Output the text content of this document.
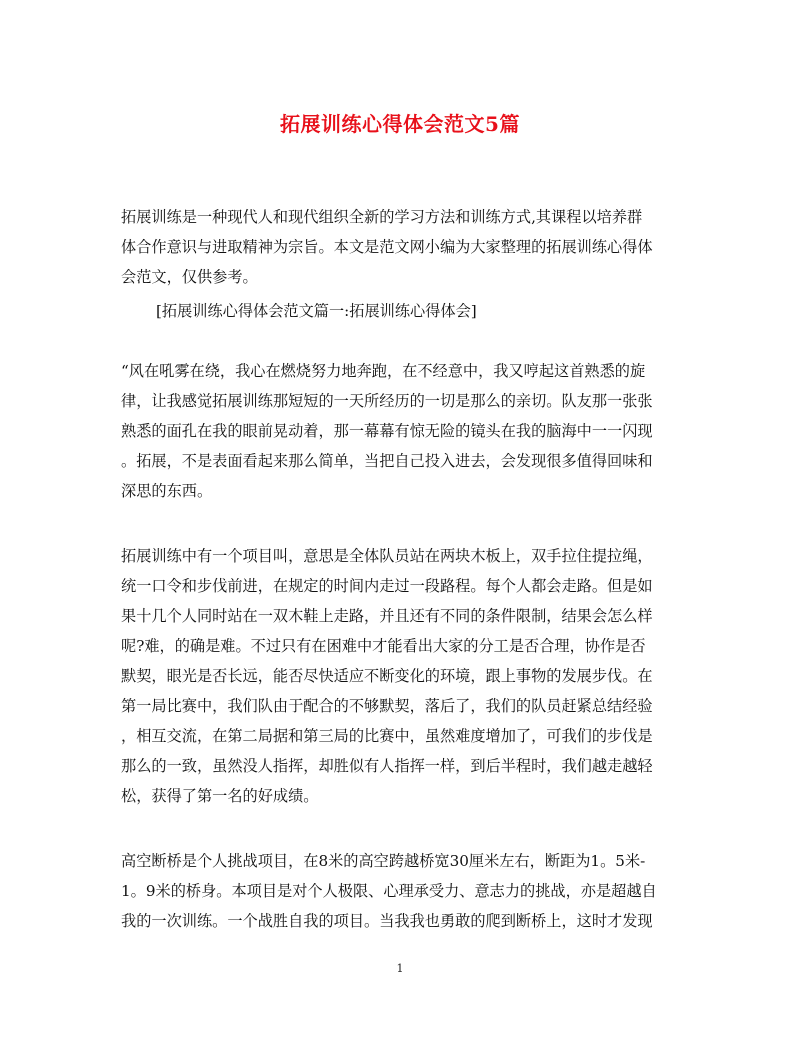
拓展训练心得体会范文5篇
拓展训练是一种现代人和现代组织全新的学习方法和训练方式,其课程以培养群
体合作意识与进取精神为宗旨。本文是范文网小编为大家整理的拓展训练心得体
会范文，仅供参考。
[拓展训练心得体会范文篇一:拓展训练心得体会]
“风在吼雾在绕，我心在燃烧努力地奔跑，在不经意中，我又哼起这首熟悉的旋
律，让我感觉拓展训练那短短的一天所经历的一切是那么的亲切。队友那一张张
熟悉的面孔在我的眼前晃动着，那一幕幕有惊无险的镜头在我的脑海中一一闪现
。拓展，不是表面看起来那么简单，当把自己投入进去，会发现很多值得回味和
深思的东西。
拓展训练中有一个项目叫，意思是全体队员站在两块木板上，双手拉住提拉绳，
统一口令和步伐前进，在规定的时间内走过一段路程。每个人都会走路。但是如
果十几个人同时站在一双木鞋上走路，并且还有不同的条件限制，结果会怎么样
呢?难，的确是难。不过只有在困难中才能看出大家的分工是否合理，协作是否
默契，眼光是否长远，能否尽快适应不断变化的环境，跟上事物的发展步伐。在
第一局比赛中，我们队由于配合的不够默契，落后了，我们的队员赶紧总结经验
，相互交流，在第二局据和第三局的比赛中，虽然难度增加了，可我们的步伐是
那么的一致，虽然没人指挥，却胜似有人指挥一样，到后半程时，我们越走越轻
松，获得了第一名的好成绩。
高空断桥是个人挑战项目，在8米的高空跨越桥宽30厘米左右，断距为1。5米-
1。9米的桥身。本项目是对个人极限、心理承受力、意志力的挑战，亦是超越自
我的一次训练。一个战胜自我的项目。当我我也勇敢的爬到断桥上，这时才发现
1
